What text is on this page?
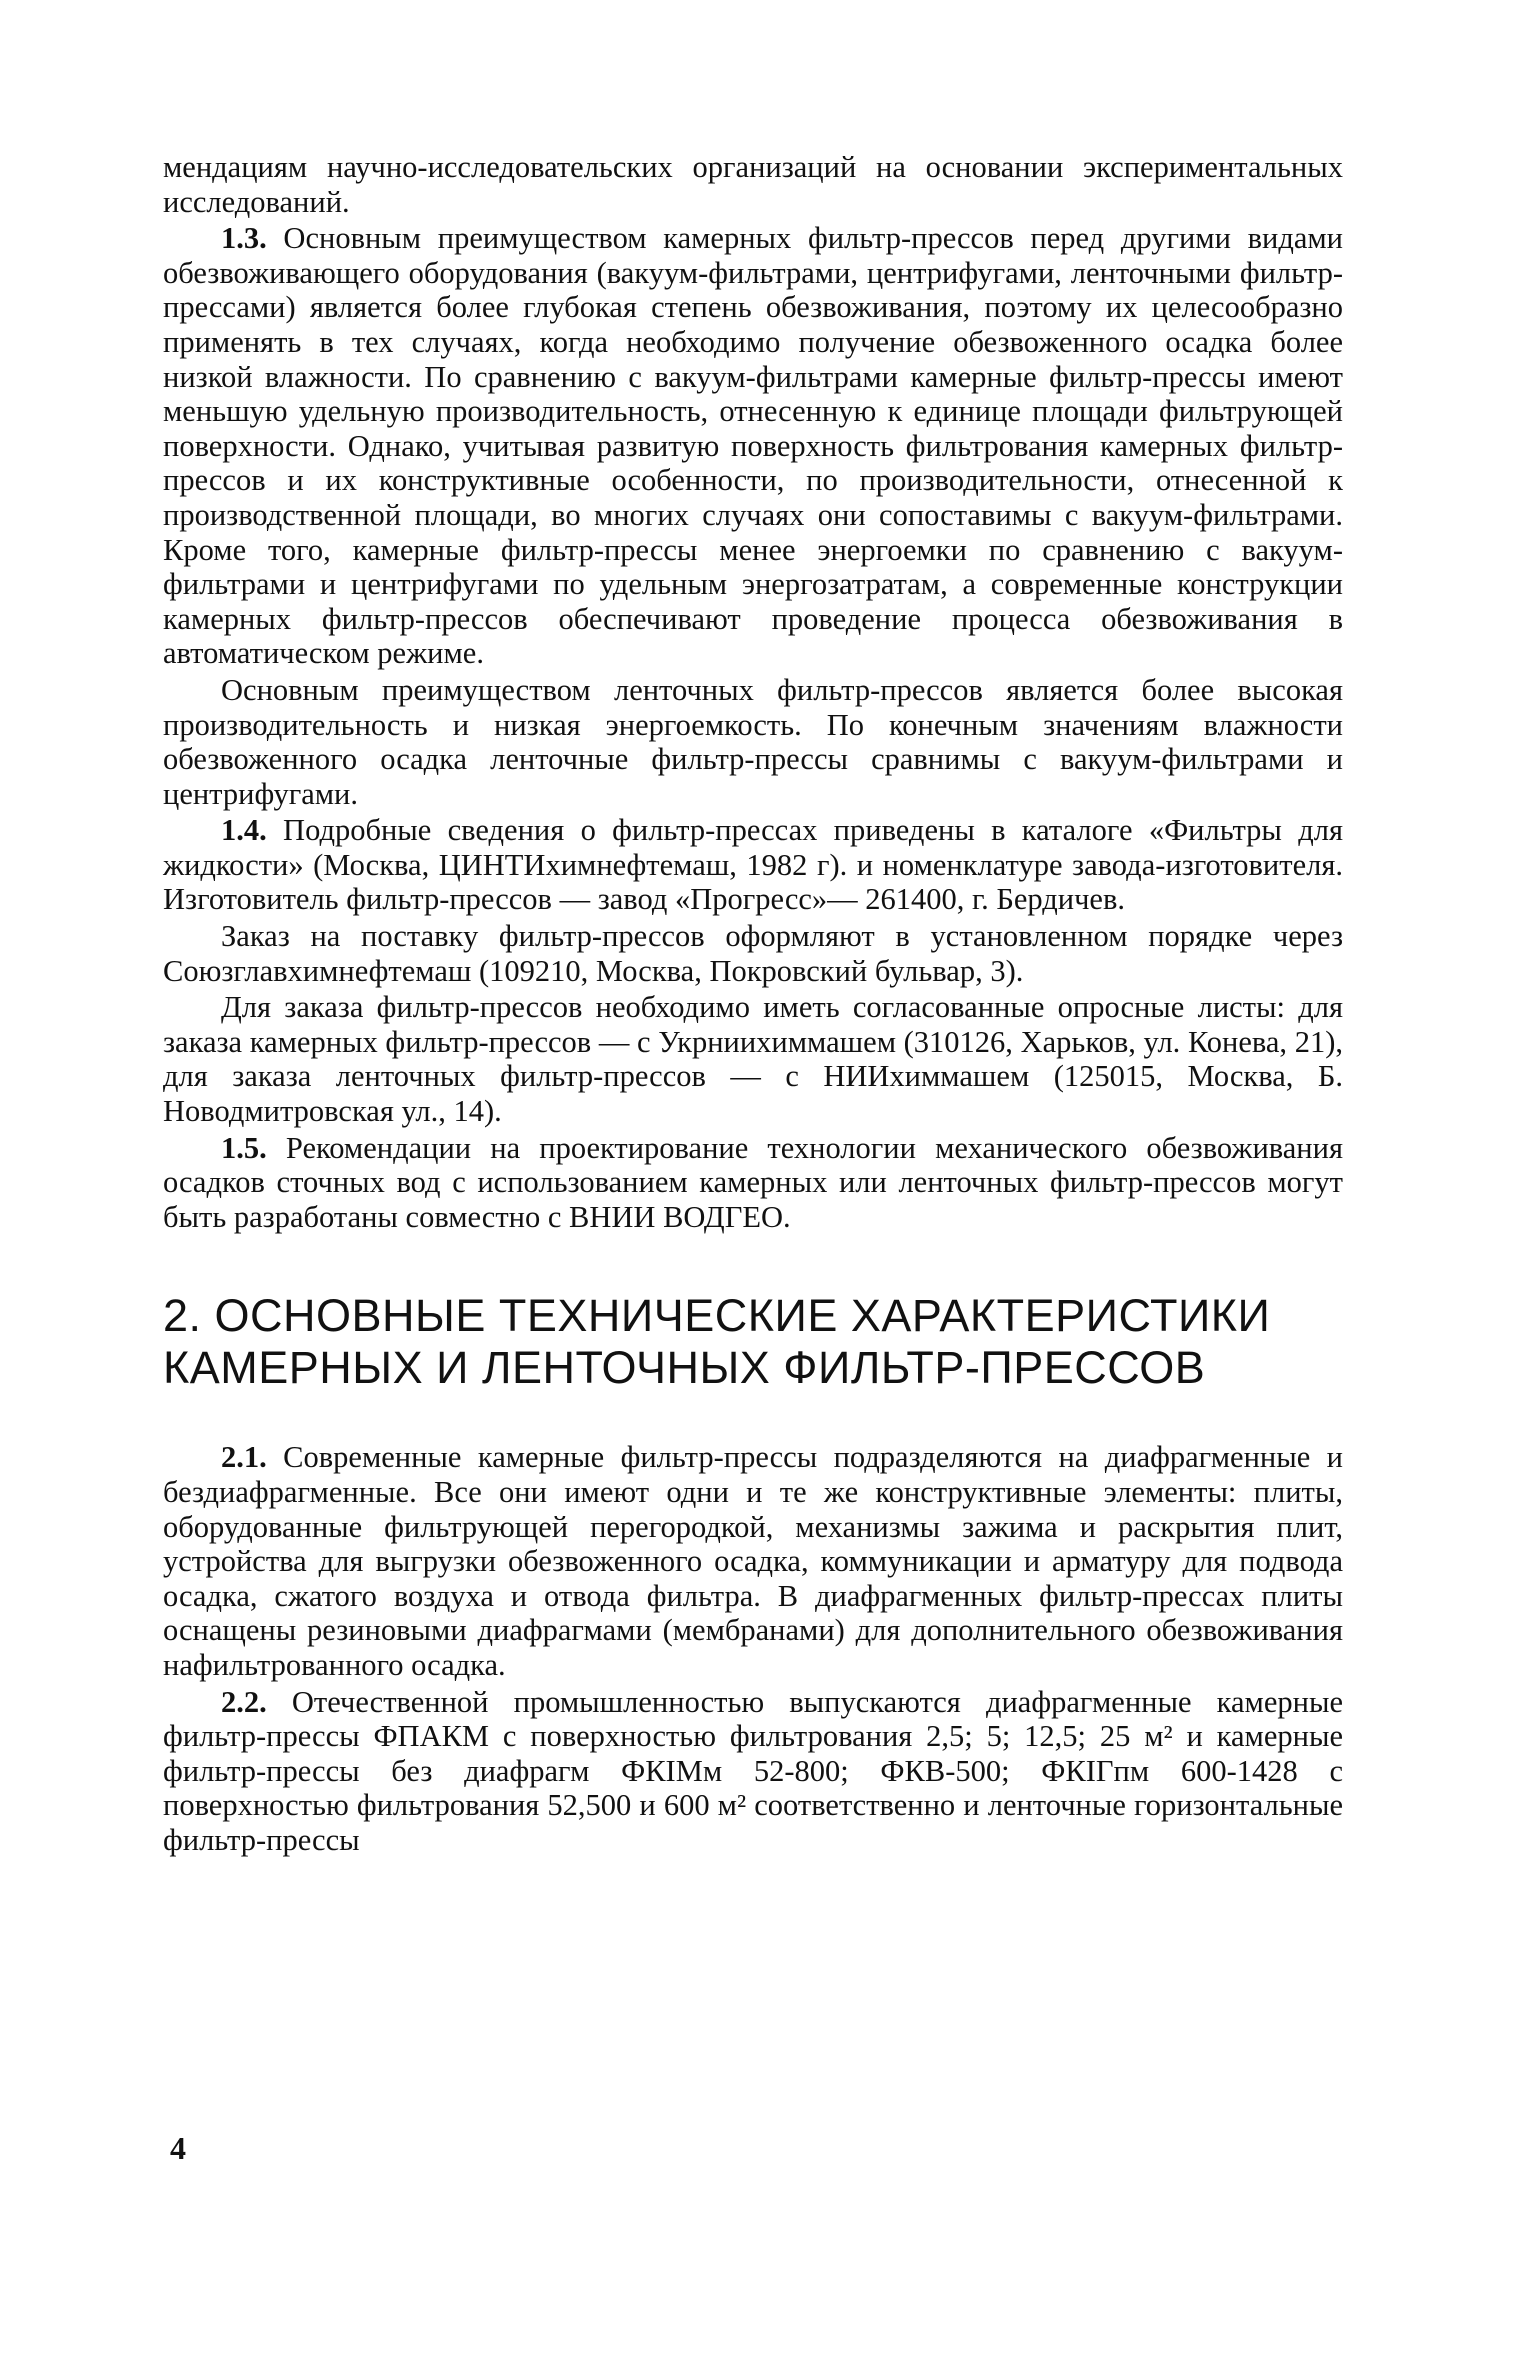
мендациям научно-исследовательских организаций на основании экспериментальных исследований.

1.3. Основным преимуществом камерных фильтр-прессов перед другими видами обезвоживающего оборудования (вакуум-фильтрами, центрифугами, ленточными фильтр-прессами) является более глубокая степень обезвоживания, поэтому их целесообразно применять в тех случаях, когда необходимо получение обезвоженного осадка более низкой влажности. По сравнению с вакуум-фильтрами камерные фильтр-прессы имеют меньшую удельную производительность, отнесенную к единице площади фильтрующей поверхности. Однако, учитывая развитую поверхность фильтрования камерных фильтр-прессов и их конструктивные особенности, по производительности, отнесенной к производственной площади, во многих случаях они сопоставимы с вакуум-фильтрами. Кроме того, камерные фильтр-прессы менее энергоемки по сравнению с вакуум-фильтрами и центрифугами по удельным энергозатратам, а современные конструкции камерных фильтр-прессов обеспечивают проведение процесса обезвоживания в автоматическом режиме.

Основным преимуществом ленточных фильтр-прессов является более высокая производительность и низкая энергоемкость. По конечным значениям влажности обезвоженного осадка ленточные фильтр-прессы сравнимы с вакуум-фильтрами и центрифугами.

1.4. Подробные сведения о фильтр-прессах приведены в каталоге «Фильтры для жидкости» (Москва, ЦИНТИхимнефтемаш, 1982 г). и номенклатуре завода-изготовителя. Изготовитель фильтр-прессов — завод «Прогресс»— 261400, г. Бердичев.

Заказ на поставку фильтр-прессов оформляют в установленном порядке через Союзглавхимнефтемаш (109210, Москва, Покровский бульвар, 3).

Для заказа фильтр-прессов необходимо иметь согласованные опросные листы: для заказа камерных фильтр-прессов — с Укрниихиммашем (310126, Харьков, ул. Конева, 21), для заказа ленточных фильтр-прессов — с НИИхиммашем (125015, Москва, Б. Новодмитровская ул., 14).

1.5. Рекомендации на проектирование технологии механического обезвоживания осадков сточных вод с использованием камерных или ленточных фильтр-прессов могут быть разработаны совместно с ВНИИ ВОДГЕО.

2. ОСНОВНЫЕ ТЕХНИЧЕСКИЕ ХАРАКТЕРИСТИКИ КАМЕРНЫХ И ЛЕНТОЧНЫХ ФИЛЬТР-ПРЕССОВ

2.1. Современные камерные фильтр-прессы подразделяются на диафрагменные и бездиафрагменные. Все они имеют одни и те же конструктивные элементы: плиты, оборудованные фильтрующей перегородкой, механизмы зажима и раскрытия плит, устройства для выгрузки обезвоженного осадка, коммуникации и арматуру для подвода осадка, сжатого воздуха и отвода фильтра. В диафрагменных фильтр-прессах плиты оснащены резиновыми диафрагмами (мембранами) для дополнительного обезвоживания нафильтрованного осадка.

2.2. Отечественной промышленностью выпускаются диафрагменные камерные фильтр-прессы ФПАКМ с поверхностью фильтрования 2,5; 5; 12,5; 25 м² и камерные фильтр-прессы без диафрагм ФКIМм 52-800; ФКВ-500; ФКIГпм 600-1428 с поверхностью фильтрования 52,500 и 600 м² соответственно и ленточные горизонтальные фильтр-прессы

4
